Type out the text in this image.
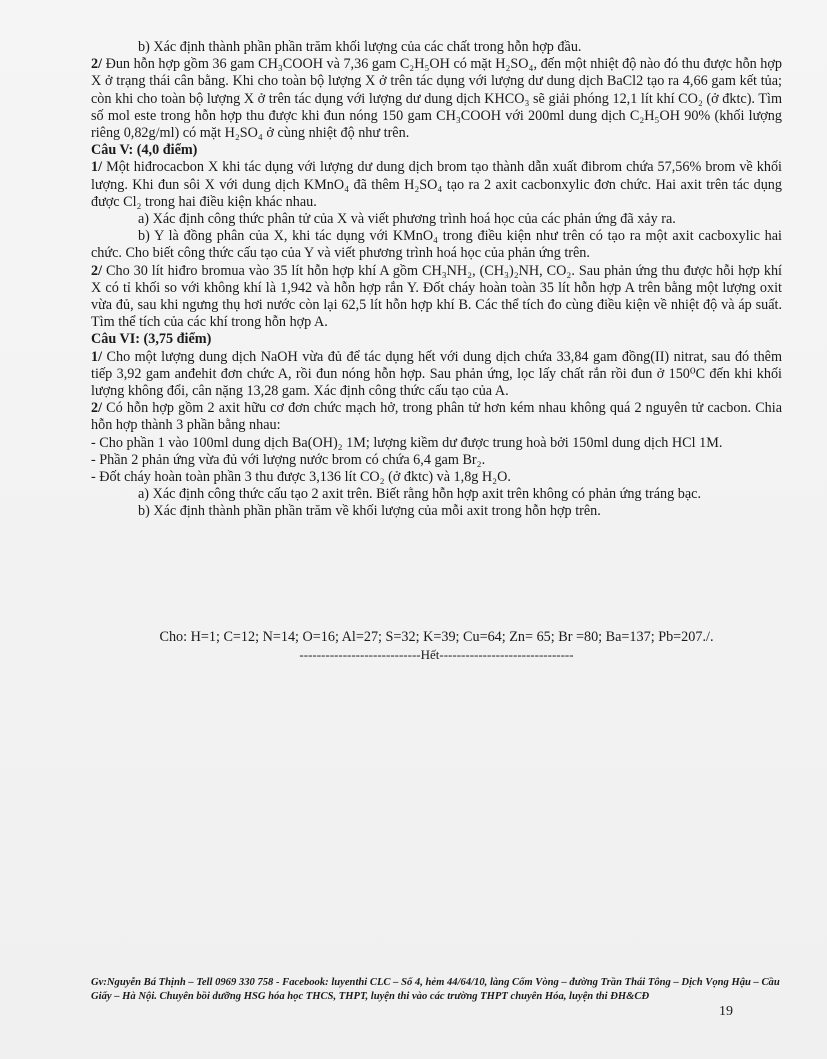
b) Xác định thành phần phần trăm khối lượng của các chất trong hỗn hợp đầu.

2/ Đun hỗn hợp gồm 36 gam CH₃COOH và 7,36 gam C₂H₅OH có mặt H₂SO₄, đến một nhiệt độ nào đó thu được hỗn hợp X ở trạng thái cân bằng. Khi cho toàn bộ lượng X ở trên tác dụng với lượng dư dung dịch BaCl2 tạo ra 4,66 gam kết tủa; còn khi cho toàn bộ lượng X ở trên tác dụng với lượng dư dung dịch KHCO₃ sẽ giải phóng 12,1 lít khí CO₂ (ở đktc). Tìm số mol este trong hỗn hợp thu được khi đun nóng 150 gam CH₃COOH với 200ml dung dịch C₂H₅OH 90% (khối lượng riêng 0,82g/ml) có mặt H₂SO₄ ở cùng nhiệt độ như trên.

Câu V: (4,0 điểm)

1/ Một hiđrocacbon X khi tác dụng với lượng dư dung dịch brom tạo thành dẫn xuất đibrom chứa 57,56% brom về khối lượng. Khi đun sôi X với dung dịch KMnO₄ đã thêm H₂SO₄ tạo ra 2 axit cacbonxylic đơn chức. Hai axit trên tác dụng được Cl₂ trong hai điều kiện khác nhau.

a) Xác định công thức phân tử của X và viết phương trình hoá học của các phản ứng đã xảy ra.

b) Y là đồng phân của X, khi tác dụng với KMnO₄ trong điều kiện như trên có tạo ra một axit cacboxylic hai chức. Cho biết công thức cấu tạo của Y và viết phương trình hoá học của phản ứng trên.

2/ Cho 30 lít hiđro bromua vào 35 lít hỗn hợp khí A gồm CH₃NH₂, (CH₃)₂NH, CO₂. Sau phản ứng thu được hỗi hợp khí X có tỉ khối so với không khí là 1,942 và hỗn hợp rắn Y. Đốt cháy hoàn toàn 35 lít hỗn hợp A trên bằng một lượng oxit vừa đủ, sau khi ngưng thụ hơi nước còn lại 62,5 lít hỗn hợp khí B. Các thể tích đo cùng điều kiện về nhiệt độ và áp suất. Tìm thể tích của các khí trong hỗn hợp A.

Câu VI: (3,75 điểm)

1/ Cho một lượng dung dịch NaOH vừa đủ để tác dụng hết với dung dịch chứa 33,84 gam đồng(II) nitrat, sau đó thêm tiếp 3,92 gam anđehit đơn chức A, rồi đun nóng hỗn hợp. Sau phản ứng, lọc lấy chất rắn rồi đun ở 150⁰C đến khi khối lượng không đổi, cân nặng 13,28 gam. Xác định công thức cấu tạo của A.

2/ Có hỗn hợp gồm 2 axit hữu cơ đơn chức mạch hở, trong phân tử hơn kém nhau không quá 2 nguyên tử cacbon. Chia hỗn hợp thành 3 phần bằng nhau:

- Cho phần 1 vào 100ml dung dịch Ba(OH)₂ 1M; lượng kiềm dư được trung hoà bởi 150ml dung dịch HCl 1M.

- Phần 2 phản ứng vừa đủ với lượng nước brom có chứa 6,4 gam Br₂.

- Đốt cháy hoàn toàn phần 3 thu được 3,136 lít CO₂ (ở đktc) và 1,8g H₂O.

a) Xác định công thức cấu tạo 2 axit trên. Biết rằng hỗn hợp axit trên không có phản ứng tráng bạc.

b) Xác định thành phần phần trăm về khối lượng của mỗi axit trong hỗn hợp trên.

Cho: H=1; C=12; N=14; O=16; Al=27; S=32; K=39; Cu=64; Zn= 65; Br =80; Ba=137; Pb=207./.
----------------------------Hết-------------------------------
Gv:Nguyễn Bá Thịnh – Tell 0969 330 758 - Facebook: luyenthi CLC – Số 4, hẻm 44/64/10, làng Cốm Vòng – đường Trần Thái Tông – Dịch Vọng Hậu – Cầu Giấy – Hà Nội. Chuyên bồi dưỡng HSG hóa học THCS, THPT, luyện thi vào các trường THPT chuyên Hóa, luyện thi ĐH&CĐ
19
